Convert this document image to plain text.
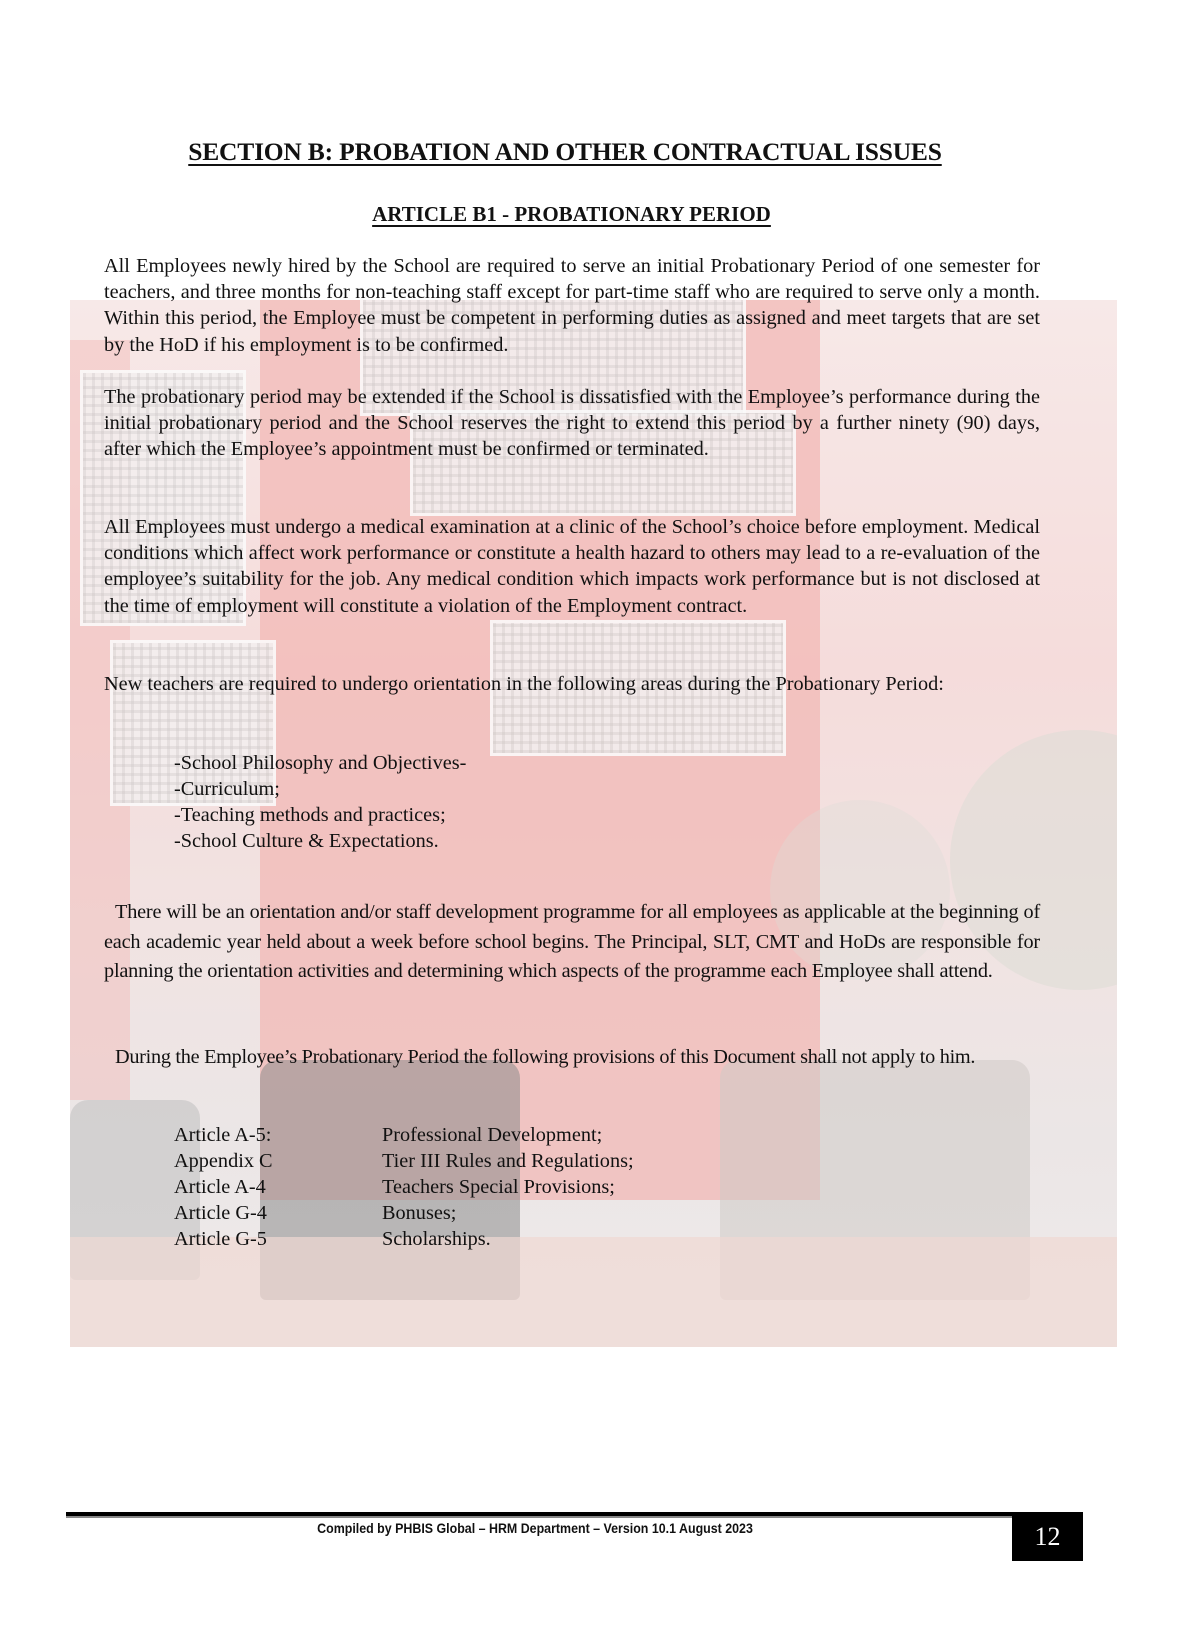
SECTION B: PROBATION AND OTHER CONTRACTUAL ISSUES
ARTICLE B1 - PROBATIONARY PERIOD

All Employees newly hired by the School are required to serve an initial Probationary Period of one semester for teachers, and three months for non-teaching staff except for part-time staff who are required to serve only a month. Within this period, the Employee must be competent in performing duties as assigned and meet targets that are set by the HoD if his employment is to be confirmed.

The probationary period may be extended if the School is dissatisfied with the Employee’s performance during the initial probationary period and the School reserves the right to extend this period by a further ninety (90) days, after which the Employee’s appointment must be confirmed or terminated.

All Employees must undergo a medical examination at a clinic of the School’s choice before employment. Medical conditions which affect work performance or constitute a health hazard to others may lead to a re-evaluation of the employee’s suitability for the job. Any medical condition which impacts work performance but is not disclosed at the time of employment will constitute a violation of the Employment contract.

New teachers are required to undergo orientation in the following areas during the Probationary Period:

-School Philosophy and Objectives-
-Curriculum;
-Teaching methods and practices;
-School Culture & Expectations.

There will be an orientation and/or staff development programme for all employees as applicable at the beginning of each academic year held about a week before school begins. The Principal, SLT, CMT and HoDs are responsible for planning the orientation activities and determining which aspects of the programme each Employee shall attend.

During the Employee’s Probationary Period the following provisions of this Document shall not apply to him.

Article A-5:	Professional Development;
Appendix C	Tier III Rules and Regulations;
Article A-4	Teachers Special Provisions;
Article G-4	Bonuses;
Article G-5	Scholarships.
Compiled by PHBIS Global – HRM Department – Version 10.1 August 2023	12
